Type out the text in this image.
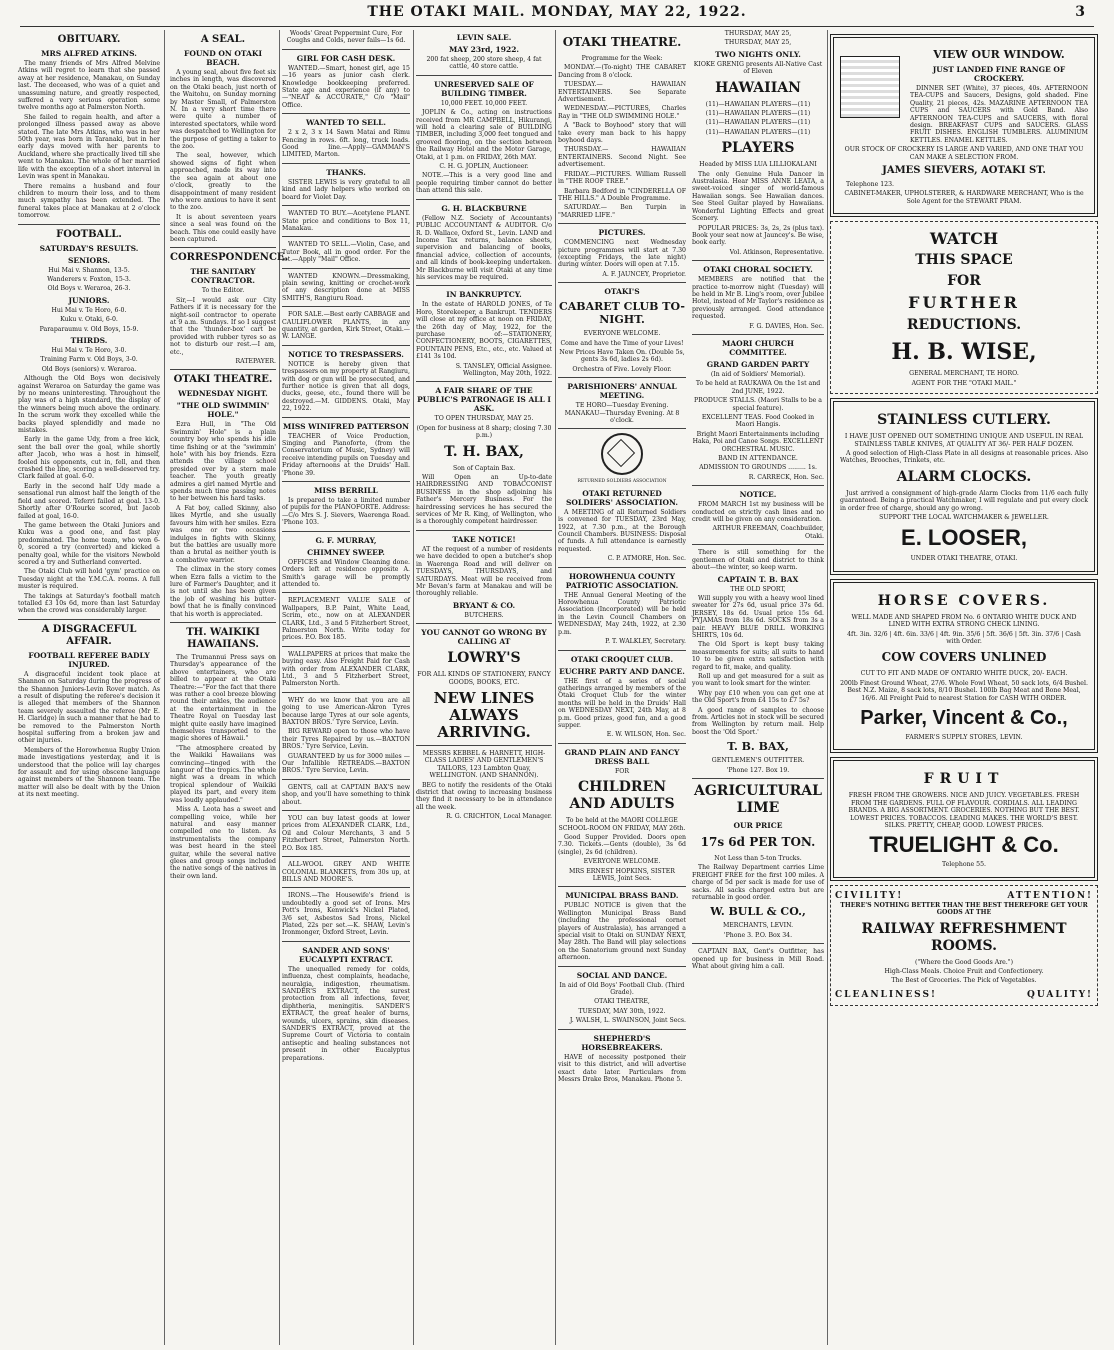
THE OTAKI MAIL. MONDAY, MAY 22, 1922.	3
OBITUARY.
MRS ALFRED ATKINS.

The many friends of Mrs Alfred Melvine Atkins will regret to learn that she passed away at her residence, Manakau, on Sunday last. The deceased, who was of a quiet and unassuming nature, and greatly respected, suffered a very serious operation some twelve months ago at Palmerston North.

She failed to regain health, and after a prolonged illness passed away as above stated. The late Mrs Atkins, who was in her 50th year, was born in Taranaki, but in her early days moved with her parents to Auckland, where she practically lived till she went to Manakau. The whole of her married life with the exception of a short interval in Levin was spent in Manakau.

There remains a husband and four children to mourn their loss, and to them much sympathy has been extended. The funeral takes place at Manakau at 2 o'clock tomorrow.

FOOTBALL.
SATURDAY'S RESULTS.
SENIORS.

Hui Mai v. Shannon, 13-5.

Wanderers v. Foxton, 15-3.

Old Boys v. Weraroa, 26-3.

JUNIORS.

Hui Mai v. Te Horo, 6-0.

Kuku v. Otaki, 6-0.

Paraparaumu v. Old Boys, 15-9.

THIRDS.

Hui Mai v. Te Horo, 3-0.

Training Farm v. Old Boys, 3-0.

Old Boys (seniors) v. Weraroa.

Although the Old Boys won decisively against Weraroa on Saturday the game was by no means uninteresting. Throughout the play was of a high standard, the display of the winners being much above the ordinary. In the scrum work they excelled while the backs played splendidly and made no mistakes.

Early in the game Udy, from a free kick, sent the ball over the goal, while shortly after Jacob, who was a host in himself, fooled his opponents, cut in, fell, and then crashed the line, scoring a well-deserved try. Clark failed at goal. 6-0.

Early in the second half Udy made a sensational run almost half the length of the field and scored. Teferri failed at goal. 13-0. Shortly after O'Rourke scored, but Jacob failed at goal, 16-0.

The game between the Otaki Juniors and Kuku was a good one, and fast play predominated. The home team, who won 6-0, scored a try (converted) and kicked a penalty goal, while for the visitors Newbold scored a try and Sutherland converted.

The Otaki Club will hold 'gym' practice on Tuesday night at the Y.M.C.A. rooms. A full muster is required.

The takings at Saturday's football match totalled £3 10s 6d, more than last Saturday when the crowd was considerably larger.

A DISGRACEFUL AFFAIR.
FOOTBALL REFEREE BADLY INJURED.

A disgraceful incident took place at Shannon on Saturday during the progress of the Shannon Juniors-Levin Rover match. As a result of disputing the referee's decision it is alleged that members of the Shannon team severely assaulted the referee (Mr E. H. Claridge) in such a manner that he had to be removed to the Palmerston North hospital suffering from a broken jaw and other injuries.

Members of the Horowhenua Rugby Union made investigations yesterday, and it is understood that the police will lay charges for assault and for using obscene language against members of the Shannon team. The matter will also be dealt with by the Union at its next meeting.

A SEAL.
FOUND ON OTAKI BEACH.

A young seal, about five feet six inches in length, was discovered on the Otaki beach, just north of the Waitohu, on Sunday morning by Master Small, of Palmerston N. In a very short time there were quite a number of interested spectators, while word was despatched to Wellington for the purpose of getting a taker to the zoo.

The seal, however, which showed signs of fight when approached, made its way into the sea again at about one o'clock, greatly to the disappointment of many resident who were anxious to have it sent to the zoo.

It is about seventeen years since a seal was found on the beach. This one could easily have been captured.

CORRESPONDENCE.
THE SANITARY CONTRACTOR.

To the Editor.

Sir,—I would ask our City Fathers if it is necessary for the night-soil contractor to operate at 9 a.m. Sundays. If so I suggest that the 'thunder-box' cart be provided with rubber tyres so as not to disturb our rest.—I am, etc.,

RATEPAYER.

OTAKI THEATRE.
WEDNESDAY NIGHT.
"THE OLD SWIMMIN' HOLE."

Ezra Hull, in "The Old Swimmin' Hole" is a plain country boy who spends his idle time fishing or at the "swimmin' hole" with his boy friends. Ezra attends the village school presided over by a stern male teacher. The youth greatly admires a girl named Myrtle and spends much time passing notes to her between his hard tasks.

A Fat boy, called Skinny, also likes Myrtle, and she usually favours him with her smiles. Ezra was one or two occasions indulges in fights with Skinny, but the battles are usually more than a brutal as neither youth is a combative warrior.

The climax in the story comes when Ezra falls a victim to the lure of Farmer's Daughter, and it is not until she has been given the job of washing his butter-bowl that he is finally convinced that his worth is appreciated.

TH. WAIKIKI HAWAIIANS.

The Trumannui Press says on Thursday's appearance of the above entertainers, who are billed to appear at the Otaki Theatre:—"For the fact that there was rather a cool breeze blowing round their ankles, the audience at the entertainment in the Theatre Royal on Tuesday last might quite easily have imagined themselves transported to the magic shores of Hawaii."

"The atmosphere created by the Waikiki Hawaiians was convincing—tinged with the languor of the tropics. The whole night was a dream in which tropical splendour of Waikiki played its part, and every item was loudly applauded."

Miss A. Leota has a sweet and compelling voice, while her natural and easy manner compelled one to listen. As instrumentalists the company was best heard in the steel guitar, while the several native glees and group songs included the native songs of the natives in their own land.

Woods' Great Peppermint Cure, For Coughs and Colds, never fails—1s 6d.

GIRL FOR CASH DESK.

WANTED.—Smart, honest girl, age 15—16 years as junior cash clerk. Knowledge bookkeeping preferred. State age and experience (if any) to—"NEAT & ACCURATE," C/o "Mail" Office.

WANTED TO SELL.

2 x 2, 3 x 14 Sawn Matai and Rimu Fencing in rows. 6ft. long, truck loads. Good line.—Apply—GAMMAN'S LIMITED, Marton.

THANKS.

SISTER LEWIS is very grateful to all kind and lady helpers who worked on board for Violet Day.

WANTED TO BUY.—Acetylene PLANT. State price and conditions to Box 11, Manakau.

WANTED TO SELL.—Violin, Case, and Tutor Book, all in good order. For the lot.—Apply "Mail" Office.

WANTED KNOWN.—Dressmaking, plain sewing, knitting or crochet-work of any description done at MISS SMITH'S, Rangiuru Road.

FOR SALE.—Best early CABBAGE and CAULIFLOWER PLANTS, in any quantity, at garden, Kirk Street, Otaki.—W. LANGE.

NOTICE TO TRESPASSERS.

NOTICE is hereby given that trespassers on my property at Rangiuru, with dog or gun will be prosecuted, and further notice is given that all dogs, ducks, geese, etc., found there will be destroyed.—M. GIDDENS. Otaki, May 22, 1922.

MISS WINIFRED PATTERSON

TEACHER of Voice Production, Singing and Pianoforte, (from the Conservatorium of Music, Sydney) will receive intending pupils on Tuesday and Friday afternoons at the Druids' Hall. 'Phone 39.

MISS BERRILL

Is prepared to take a limited number of pupils for the PIANOFORTE. Address:—C/o Mrs S. J. Sievers, Waerenga Road. 'Phone 103.

G. F. MURRAY,
CHIMNEY SWEEP.

OFFICES and Window Cleaning done. Orders left at residence opposite A. Smith's garage will be promptly attended to.

REPLACEMENT VALUE SALE of Wallpapers, B.P. Paint, White Lead, Scrim, etc., now on at ALEXANDER CLARK, Ltd., 3 and 5 Fitzherbert Street, Palmerston North. Write today for prices. P.O. Box 185.

WALLPAPERS at prices that make the buying easy. Also Freight Paid for Cash with order from ALEXANDER CLARK, Ltd., 3 and 5 Fitzherbert Street, Palmerston North.

WHY do we know that you are all going to use American-Akron Tyres because large Tyres at our sole agents, BAXTON BROS.' Tyre Service, Levin.

BIG REWARD open to those who have their Tyres Repaired by us.—BAXTON BROS.' Tyre Service, Levin.

GUARANTEED by us for 3000 miles —Our Infallible RETREADS.—BAXTON BROS.' Tyre Service, Levin.

GENTS, call at CAPTAIN BAX'S new shop, and you'll have something to think about.

YOU can buy latest goods at lower prices from ALEXANDER CLARK, Ltd., Oil and Colour Merchants, 3 and 5 Fitzherbert Street, Palmerston North. P.O. Box 185.

ALL-WOOL GREY AND WHITE COLONIAL BLANKETS, from 30s up, at BILLS AND MOORE'S.

IRONS.—The Housewife's friend is undoubtedly a good set of Irons. Mrs Pott's Irons, Kenwick's Nickel Plated, 3/6 set, Asbestos Sad Irons, Nickel Plated, 22s per set.—K. SHAW, Levin's Ironmonger, Oxford Street, Levin.

SANDER AND SONS' EUCALYPTI EXTRACT.

The unequalled remedy for colds, influenza, chest complaints, headache, neuralgia, indigestion, rheumatism. SANDER'S EXTRACT, the surest protection from all infections, fever, diphtheria, meningitis. SANDER'S EXTRACT, the great healer of burns, wounds, ulcers, sprains, skin diseases. SANDER'S EXTRACT, proved at the Supreme Court of Victoria to contain antiseptic and healing substances not present in other Eucalyptus preparations.

LEVIN SALE.
MAY 23rd, 1922.

200 fat sheep, 200 store sheep, 4 fat cattle, 40 store cattle.

UNRESERVED SALE OF BUILDING TIMBER.

10,000 FEET. 10,000 FEET.

JOPLIN & Co., acting on instructions received from MR CAMPBELL, Hikurangi, will hold a clearing sale of BUILDING TIMBER, including 3,000 feet tongued and grooved flooring, on the section between the Railway Hotel and the Motor Garage, Otaki, at 1 p.m. on FRIDAY, 26th MAY.

C. H. G. JOPLIN, Auctioneer.

NOTE.—This is a very good line and people requiring timber cannot do better than attend this sale.

G. H. BLACKBURNE

(Fellow N.Z. Society of Accountants) PUBLIC ACCOUNTANT & AUDITOR. C/o R. D. Wallace, Oxford St., Levin. LAND and Income Tax returns, balance sheets, supervision and balancing of books, financial advice, collection of accounts, and all kinds of book-keeping undertaken. Mr Blackburne will visit Otaki at any time his services may be required.

IN BANKRUPTCY.

In the estate of HAROLD JONES, of Te Horo, Storekeeper, a Bankrupt. TENDERS will close at my office at noon on FRIDAY, the 26th day of May, 1922, for the purchase of:—STATIONERY, CONFECTIONERY, BOOTS, CIGARETTES, FOUNTAIN PENS, Etc., etc., etc. Valued at £141 3s 10d.

S. TANSLEY, Official Assignee. Wellington, May 20th, 1922.

A FAIR SHARE OF THE PUBLIC'S PATRONAGE IS ALL I ASK.

TO OPEN THURSDAY, MAY 25.

(Open for business at 8 sharp; closing 7.30 p.m.)

T. H. BAX,

Son of Captain Bax.

Will Open an Up-to-date HAIRDRESSING AND TOBACCONIST BUSINESS in the shop adjoining his Father's Mercery Business. For the hairdressing services he has secured the services of Mr R. King, of Wellington, who is a thoroughly competent hairdresser.

TAKE NOTICE!

AT the request of a number of residents we have decided to open a butcher's shop in Waerenga Road and will deliver on TUESDAYS, THURSDAYS, and SATURDAYS. Meat will be received from Mr Bevan's farm at Manakau and will be thoroughly reliable.

BRYANT & CO.

BUTCHERS.

YOU CANNOT GO WRONG BY CALLING AT
LOWRY'S

FOR ALL KINDS OF STATIONERY, FANCY GOODS, BOOKS, ETC.

NEW LINES ALWAYS ARRIVING.

MESSRS KEBBEL & HARNETT, HIGH-CLASS LADIES' AND GENTLEMEN'S TAILORS, 123 Lambton Quay, WELLINGTON. (AND SHANNON).

BEG to notify the residents of the Otaki district that owing to increasing business they find it necessary to be in attendance all the week.

R. G. CRICHTON, Local Manager.

OTAKI THEATRE.

Programme for the Week:

MONDAY.—(To-night) THE CABARET Dancing from 8 o'clock.

TUESDAY.— HAWAIIAN ENTERTAINERS. See Separate Advertisement.

WEDNESDAY.—PICTURES, Charles Ray in "THE OLD SWIMMING HOLE."

A "Back to Boyhood" story that will take every man back to his happy boyhood days.

THURSDAY.— HAWAIIAN ENTERTAINERS. Second Night. See advertisement.

FRIDAY.—PICTURES. William Russell in "THE ROOF TREE."

Barbara Bedford in "CINDERELLA OF THE HILLS." A Double Programme.

SATURDAY.— Ben Turpin in "MARRIED LIFE."

PICTURES.

COMMENCING next Wednesday picture programmes will start at 7.30 (excepting Fridays, the late night) during winter. Doors will open at 7.15.

A. F. JAUNCEY, Proprietor.

OTAKI'S
CABARET CLUB TO-NIGHT.

EVERYONE WELCOME.

Come and have the Time of your Lives!

New Prices Have Taken On. (Double 5s, gents 3s 6d, ladies 2s 6d).

Orchestra of Five. Lovely Floor.

PARISHIONERS' ANNUAL MEETING.

TE HORO—Tuesday Evening. MANAKAU—Thursday Evening. At 8 o'clock.

RETURNED SOLDIERS ASSOCIATION

OTAKI RETURNED SOLDIERS' ASSOCIATION.

A MEETING of all Returned Soldiers is convened for TUESDAY, 23rd May, 1922, at 7.30 p.m., at the Borough Council Chambers. BUSINESS: Disposal of funds. A full attendance is earnestly requested.

C. P. ATMORE, Hon. Sec.

HOROWHENUA COUNTY PATRIOTIC ASSOCIATION.

THE Annual General Meeting of the Horowhenua County Patriotic Association (Incorporated) will be held in the Levin Council Chambers on WEDNESDAY, May 24th, 1922, at 2.30 p.m.

P. T. WALKLEY, Secretary.

OTAKI CROQUET CLUB.
EUCHRE PARTY AND DANCE.

THE first of a series of social gatherings arranged by members of the Otaki Croquet Club for the winter months will be held in the Druids' Hall on WEDNESDAY NEXT, 24th May, at 8 p.m. Good prizes, good fun, and a good supper.

E. W. WILSON, Hon. Sec.

GRAND PLAIN AND FANCY DRESS BALL

FOR

CHILDREN AND ADULTS

To be held at the MAORI COLLEGE SCHOOL-ROOM ON FRIDAY, MAY 26th.

Good Supper Provided. Doors open 7.30. Tickets.—Gents (double), 3s 6d (single), 2s 6d (children).

EVERYONE WELCOME.

MRS ERNEST HOPKINS, SISTER LEWIS, Joint Secs.

MUNICIPAL BRASS BAND.

PUBLIC NOTICE is given that the Wellington Municipal Brass Band (including the professional cornet players of Australasia), has arranged a special visit to Otaki on SUNDAY NEXT, May 28th. The Band will play selections on the Sanatorium ground next Sunday afternoon.

SOCIAL AND DANCE.

In aid of Old Boys' Football Club. (Third Grade).

OTAKI THEATRE,

TUESDAY, MAY 30th, 1922.

J. WALSH, L. SWAINSON, Joint Secs.

SHEPHERD'S HORSEBREAKERS.

HAVE of necessity postponed their visit to this district, and will advertise exact date later. Particulars from Messrs Drake Bros, Manakau. Phone 5.

THURSDAY, MAY 25,

THURSDAY, MAY 25,

TWO NIGHTS ONLY.

KIOKE GRENIG presents All-Native Cast of Eleven

HAWAIIAN

(11)—HAWAIIAN PLAYERS—(11)

(11)—HAWAIIAN PLAYERS—(11)

(11)—HAWAIIAN PLAYERS—(11)

(11)—HAWAIIAN PLAYERS—(11)

PLAYERS

Headed by MISS LUA LILLIOKALANI

The only Genuine Hula Dancer in Australasia. Hear MISS ANNE LEATA, a sweet-voiced singer of world-famous Hawaiian songs. See Hawaiian dances. See Steel Guitar played by Hawaiians. Wonderful Lighting Effects and great Scenery.

POPULAR PRICES: 3s, 2s, 2s (plus tax). Book your seat now at Jauncey's. Be wise, book early.

Vol. Atkinson, Representative.

OTAKI CHORAL SOCIETY.

MEMBERS are notified that the practice to-morrow night (Tuesday) will be held in Mr B. Ling's room, over Jubilee Hotel, instead of Mr Taylor's residence as previously arranged. Good attendance requested.

F. G. DAVIES, Hon. Sec.

MAORI CHURCH COMMITTEE.
GRAND GARDEN PARTY

(In aid of Soldiers' Memorial).

To be held at RAUKAWA On the 1st and 2nd JUNE, 1922.

PRODUCE STALLS. (Maori Stalls to be a special feature).

EXCELLENT TEAS. Food Cooked in Maori Hangis.

Bright Maori Entertainments including Haka, Poi and Canoe Songs. EXCELLENT ORCHESTRAL MUSIC.

BAND IN ATTENDANCE.

ADMISSION TO GROUNDS ......... 1s.

R. CARRECK, Hon. Sec.

NOTICE.

FROM MARCH 1st my business will be conducted on strictly cash lines and no credit will be given on any consideration.

ARTHUR FREEMAN, Coachbuilder, Otaki.

There is still something for the gentlemen of Otaki and district to think about—the winter, so keep warm.

CAPTAIN T. B. BAX

THE OLD SPORT,

Will supply you with a heavy wool lined sweater for 27s 6d, usual price 37s 6d. JERSEY, 18s 6d. Usual price 15s 6d. PYJAMAS from 18s 6d. SOCKS from 3s a pair. HEAVY BLUE DRILL WORKING SHIRTS, 10s 6d.

The Old Sport is kept busy taking measurements for suits; all suits to hand 10 to be given extra satisfaction with regard to fit, make, and quality.

Roll up and get measured for a suit as you want to look smart for the winter.

Why pay £10 when you can get one at the Old Sport's from £4 15s to £7 5s?

A good range of samples to choose from. Articles not in stock will be secured from Wellington by return mail. Help boost the 'Old Sport.'

T. B. BAX,

GENTLEMEN'S OUTFITTER.

'Phone 127. Box 19.

AGRICULTURAL LIME
OUR PRICE
17s 6d PER TON.

Not Less than 5-ton Trucks.

The Railway Department carries Lime FREIGHT FREE for the first 100 miles. A charge of 5d per sack is made for use of sacks. All sacks charged extra but are returnable in good order.

W. BULL & CO.,

MERCHANTS, LEVIN.

'Phone 3. P.O. Box 34.

CAPTAIN BAX, Gent's Outfitter, has opened up for business in Mill Road. What about giving him a call.

VIEW OUR WINDOW.
JUST LANDED FINE RANGE OF CROCKERY.

DINNER SET (White), 37 pieces, 40s. AFTERNOON TEA-CUPS and Saucers, Designs, gold shaded. Fine Quality, 21 pieces, 42s. MAZARINE AFTERNOON TEA CUPS and SAUCERS with Gold Band. Also AFTERNOON TEA-CUPS and SAUCERS, with floral design. BREAKFAST CUPS and SAUCERS. GLASS FRUIT DISHES. ENGLISH TUMBLERS. ALUMINIUM KETTLES. ENAMEL KETTLES.

OUR STOCK OF CROCKERY IS LARGE AND VARIED, AND ONE THAT YOU CAN MAKE A SELECTION FROM.

JAMES SIEVERS, AOTAKI ST.

Telephone 123.

CABINET-MAKER, UPHOLSTERER, & HARDWARE MERCHANT, Who is the Sole Agent for the STEWART PRAM.

WATCH
THIS SPACE
FOR
FURTHER
REDUCTIONS.
H. B. WISE,

GENERAL MERCHANT, TE HORO.

AGENT FOR THE "OTAKI MAIL."

STAINLESS CUTLERY.

I HAVE JUST OPENED OUT SOMETHING UNIQUE AND USEFUL IN REAL STAINLESS TABLE KNIVES, AT QUALITY AT 36/- PER HALF DOZEN.

A good selection of High-Class Plate in all designs at reasonable prices. Also Watches, Brooches, Trinkets, etc.

ALARM CLOCKS.

Just arrived a consignment of high-grade Alarm Clocks from 11/6 each fully guaranteed. Being a practical Watchmaker, I will regulate and put every clock in order free of charge, should any go wrong.

SUPPORT THE LOCAL WATCHMAKER & JEWELLER.

E. LOOSER,

UNDER OTAKI THEATRE, OTAKI.

HORSE COVERS.

WELL MADE AND SHAPED FROM No. 6 ONTARIO WHITE DUCK AND LINED WITH EXTRA STRONG CHECK LINING.

4ft. 3in. 32/6 | 4ft. 6in. 33/6 | 4ft. 9in. 35/6 | 5ft. 36/6 | 5ft. 3in. 37/6 | Cash with Order.

COW COVERS UNLINED

CUT TO FIT AND MADE OF ONTARIO WHITE DUCK, 20/- EACH.

200lb Finest Ground Wheat, 27/6. Whole Fowl Wheat, 50 sack lots, 6/4 Bushel. Best N.Z. Maize, 8 sack lots, 8/10 Bushel. 100lb Bag Meat and Bone Meal, 16/6. All Freight Paid to nearest Station for CASH WITH ORDER.

Parker, Vincent & Co.,

FARMER'S SUPPLY STORES, LEVIN.

FRUIT

FRESH FROM THE GROWERS. NICE AND JUICY. VEGETABLES. FRESH FROM THE GARDENS. FULL OF FLAVOUR. CORDIALS. ALL LEADING BRANDS. A BIG ASSORTMENT. GROCERIES. NOTHING BUT THE BEST. LOWEST PRICES. TOBACCOS. LEADING MAKES. THE WORLD'S BEST. SILKS. PRETTY, CHEAP, GOOD. LOWEST PRICES.

TRUELIGHT & Co.

Telephone 55.

CIVILITY!	ATTENTION!

THERE'S NOTHING BETTER THAN THE BEST THEREFORE GET YOUR GOODS AT THE

RAILWAY REFRESHMENT ROOMS.

("Where the Good Goods Are.")

High-Class Meals. Choice Fruit and Confectionery.

The Best of Groceries. The Pick of Vegetables.

CLEANLINESS!	QUALITY!
